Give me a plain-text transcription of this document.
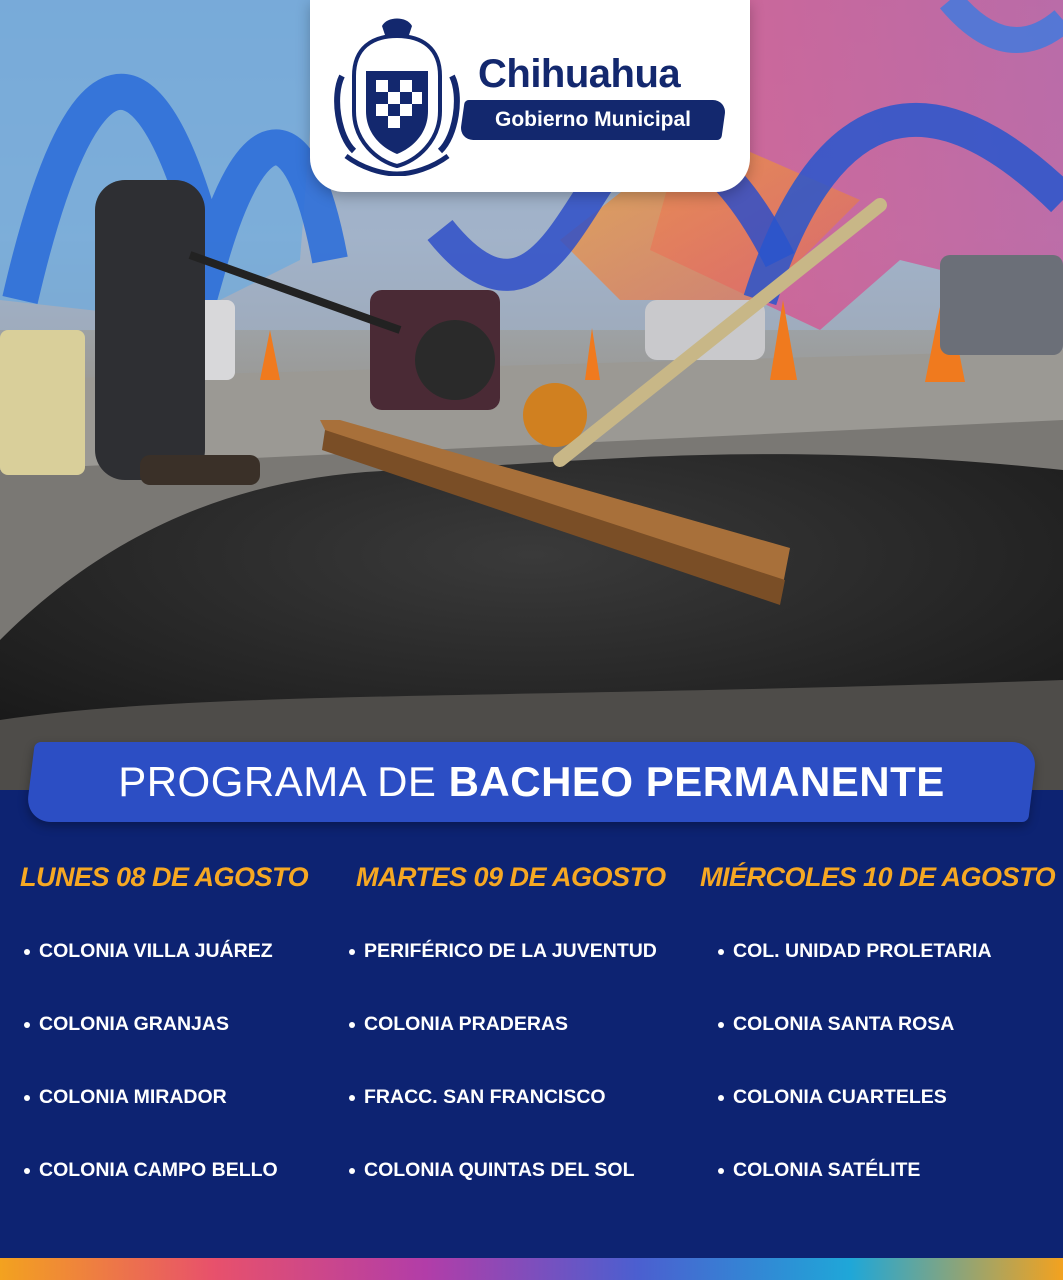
Chihuahua
Gobierno Municipal
PROGRAMA DE BACHEO PERMANENTE
LUNES 08 DE AGOSTO
COLONIA VILLA JUÁREZ
COLONIA GRANJAS
COLONIA MIRADOR
COLONIA CAMPO BELLO
MARTES 09 DE AGOSTO
PERIFÉRICO DE LA JUVENTUD
COLONIA PRADERAS
FRACC. SAN FRANCISCO
COLONIA QUINTAS DEL SOL
MIÉRCOLES 10 DE AGOSTO
COL. UNIDAD PROLETARIA
COLONIA SANTA ROSA
COLONIA CUARTELES
COLONIA SATÉLITE
